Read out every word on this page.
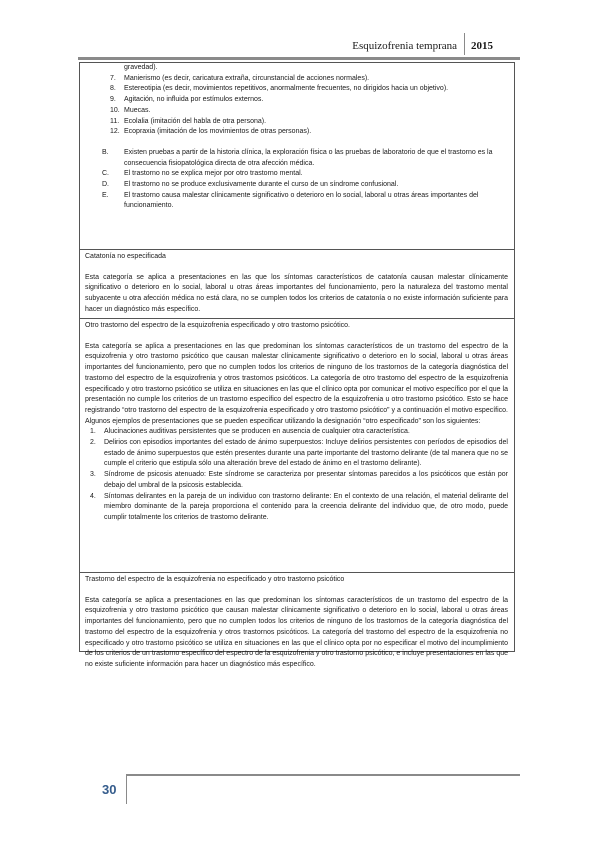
Esquizofrenia temprana 2015
gravedad).
7. Manierismo (es decir, caricatura extraña, circunstancial de acciones normales).
8. Estereotipia (es decir, movimientos repetitivos, anormalmente frecuentes, no dirigidos hacia un objetivo).
9. Agitación, no influida por estímulos externos.
10. Muecas.
11. Ecolalia (imitación del habla de otra persona).
12. Ecopraxia (imitación de los movimientos de otras personas).
B. Existen pruebas a partir de la historia clínica, la exploración física o las pruebas de laboratorio de que el trastorno es la consecuencia fisiopatológica directa de otra afección médica.
C. El trastorno no se explica mejor por otro trastorno mental.
D. El trastorno no se produce exclusivamente durante el curso de un síndrome confusional.
E. El trastorno causa malestar clínicamente significativo o deterioro en lo social, laboral u otras áreas importantes del funcionamiento.
Catatonía no especificada
Esta categoría se aplica a presentaciones en las que los síntomas característicos de catatonía causan malestar clínicamente significativo o deterioro en lo social, laboral u otras áreas importantes del funcionamiento, pero la naturaleza del trastorno mental subyacente u otra afección médica no está clara, no se cumplen todos los criterios de catatonía o no existe información suficiente para hacer un diagnóstico más específico.
Otro trastorno del espectro de la esquizofrenia especificado y otro trastorno psicótico.
Esta categoría se aplica a presentaciones en las que predominan los síntomas característicos de un trastorno del espectro de la esquizofrenia y otro trastorno psicótico que causan malestar clínicamente significativo o deterioro en lo social, laboral u otras áreas importantes del funcionamiento, pero que no cumplen todos los criterios de ninguno de los trastornos de la categoría diagnóstica del trastorno del espectro de la esquizofrenia y otros trastornos psicóticos. La categoría de otro trastorno del espectro de la esquizofrenia especificado y otro trastorno psicótico se utiliza en situaciones en las que el clínico opta por comunicar el motivo específico por el que la presentación no cumple los criterios de un trastorno específico del espectro de la esquizofrenia u otro trastorno psicótico. Esto se hace registrando “otro trastorno del espectro de la esquizofrenia especificado y otro trastorno psicótico” y a continuación el motivo específico. Algunos ejemplos de presentaciones que se pueden especificar utilizando la designación “otro especificado” son los siguientes:
1. Alucinaciones auditivas persistentes que se producen en ausencia de cualquier otra característica.
2. Delirios con episodios importantes del estado de ánimo superpuestos: Incluye delirios persistentes con períodos de episodios del estado de ánimo superpuestos que estén presentes durante una parte importante del trastorno delirante (de tal manera que no se cumple el criterio que estipula sólo una alteración breve del estado de ánimo en el trastorno delirante).
3. Síndrome de psicosis atenuado: Este síndrome se caracteriza por presentar síntomas parecidos a los psicóticos que están por debajo del umbral de la psicosis establecida.
4. Síntomas delirantes en la pareja de un individuo con trastorno delirante: En el contexto de una relación, el material delirante del miembro dominante de la pareja proporciona el contenido para la creencia delirante del individuo que, de otro modo, puede cumplir totalmente los criterios de trastorno delirante.
Trastorno del espectro de la esquizofrenia no especificado y otro trastorno psicótico
Esta categoría se aplica a presentaciones en las que predominan los síntomas característicos de un trastorno del espectro de la esquizofrenia y otro trastorno psicótico que causan malestar clínicamente significativo o deterioro en lo social, laboral u otras áreas importantes del funcionamiento, pero que no cumplen todos los criterios de ninguno de los trastornos de la categoría diagnóstica del trastorno del espectro de la esquizofrenia y otros trastornos psicóticos. La categoría del trastorno del espectro de la esquizofrenia no especificado y otro trastorno psicótico se utiliza en situaciones en las que el clínico opta por no especificar el motivo del incumplimiento de los criterios de un trastorno específico del espectro de la esquizofrenia y otro trastorno psicótico, e incluye presentaciones en las que no existe suficiente información para hacer un diagnóstico más específico.
30
